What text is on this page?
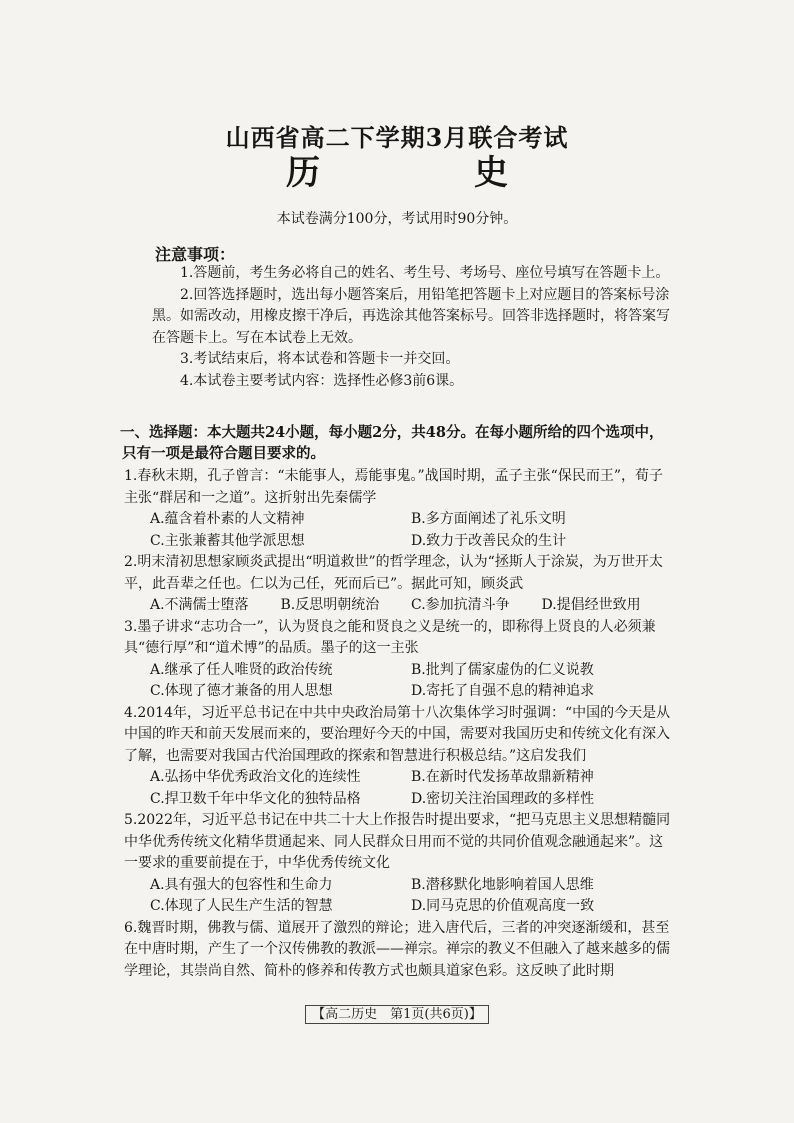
山西省高二下学期3月联合考试
历　史
本试卷满分100分，考试用时90分钟。
注意事项：

1.答题前，考生务必将自己的姓名、考生号、考场号、座位号填写在答题卡上。

2.回答选择题时，选出每小题答案后，用铅笔把答题卡上对应题目的答案标号涂黑。如需改动，用橡皮擦干净后，再选涂其他答案标号。回答非选择题时，将答案写在答题卡上。写在本试卷上无效。

3.考试结束后，将本试卷和答题卡一并交回。

4.本试卷主要考试内容：选择性必修3前6课。

一、选择题：本大题共24小题，每小题2分，共48分。在每小题所给的四个选项中，只有一项是最符合题目要求的。

1.春秋末期，孔子曾言：“未能事人，焉能事鬼。”战国时期，孟子主张“保民而王”，荀子主张“群居和一之道”。这折射出先秦儒学

A.蕴含着朴素的人文精神	B.多方面阐述了礼乐文明
C.主张兼蓄其他学派思想	D.致力于改善民众的生计

2.明末清初思想家顾炎武提出“明道救世”的哲学理念，认为“拯斯人于涂炭，为万世开太平，此吾辈之任也。仁以为己任，死而后已”。据此可知，顾炎武

A.不满儒士堕落	B.反思明朝统治	C.参加抗清斗争	D.提倡经世致用

3.墨子讲求“志功合一”，认为贤良之能和贤良之义是统一的，即称得上贤良的人必须兼具“德行厚”和“道术博”的品质。墨子的这一主张

A.继承了任人唯贤的政治传统	B.批判了儒家虚伪的仁义说教
C.体现了德才兼备的用人思想	D.寄托了自强不息的精神追求

4.2014年，习近平总书记在中共中央政治局第十八次集体学习时强调：“中国的今天是从中国的昨天和前天发展而来的，要治理好今天的中国，需要对我国历史和传统文化有深入了解，也需要对我国古代治国理政的探索和智慧进行积极总结。”这启发我们

A.弘扬中华优秀政治文化的连续性	B.在新时代发扬革故鼎新精神
C.捍卫数千年中华文化的独特品格	D.密切关注治国理政的多样性

5.2022年，习近平总书记在中共二十大上作报告时提出要求，“把马克思主义思想精髓同中华优秀传统文化精华贯通起来、同人民群众日用而不觉的共同价值观念融通起来”。这一要求的重要前提在于，中华优秀传统文化

A.具有强大的包容性和生命力	B.潜移默化地影响着国人思维
C.体现了人民生产生活的智慧	D.同马克思的价值观高度一致

6.魏晋时期，佛教与儒、道展开了激烈的辩论；进入唐代后，三者的冲突逐渐缓和，甚至在中唐时期，产生了一个汉传佛教的教派——禅宗。禅宗的教义不但融入了越来越多的儒学理论，其崇尚自然、简朴的修养和传教方式也颇具道家色彩。这反映了此时期

【高二历史　第1页(共6页)】
